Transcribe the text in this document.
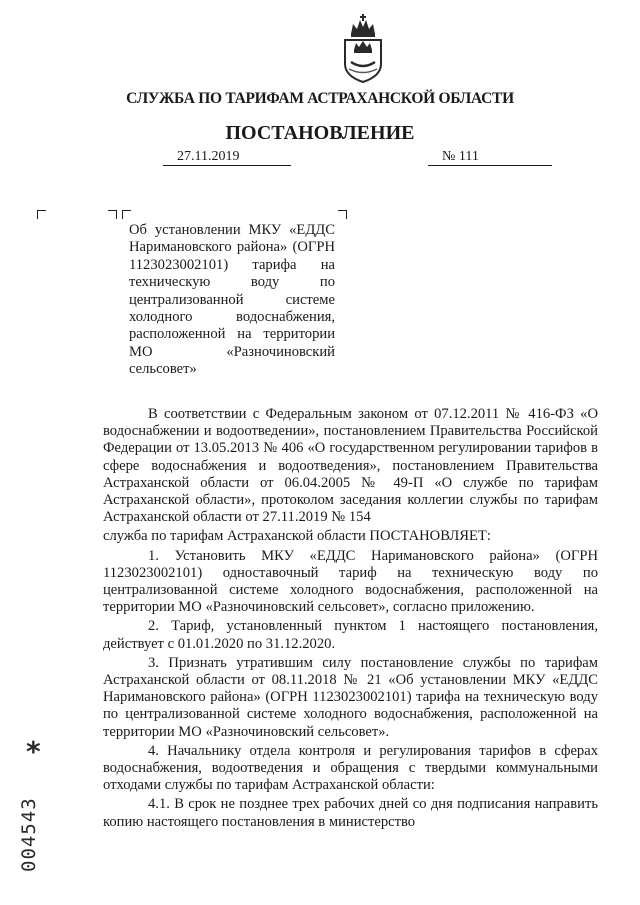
СЛУЖБА ПО ТАРИФАМ АСТРАХАНСКОЙ ОБЛАСТИ
ПОСТАНОВЛЕНИЕ
27.11.2019	№ 111
Об установлении МКУ «ЕДДС Наримановского района» (ОГРН 1123023002101) тарифа на техническую воду по централизованной системе холодного водоснабжения, расположенной на территории МО «Разночиновский сельсовет»

В соответствии с Федеральным законом от 07.12.2011 № 416-ФЗ «О водоснабжении и водоотведении», постановлением Правительства Российской Федерации от 13.05.2013 № 406 «О государственном регулировании тарифов в сфере водоснабжения и водоотведения», постановлением Правительства Астраханской области от 06.04.2005 № 49-П «О службе по тарифам Астраханской области», протоколом заседания коллегии службы по тарифам Астраханской области от 27.11.2019 № 154

служба по тарифам Астраханской области ПОСТАНОВЛЯЕТ:

1. Установить МКУ «ЕДДС Наримановского района» (ОГРН 1123023002101) одноставочный тариф на техническую воду по централизованной системе холодного водоснабжения, расположенной на территории МО «Разночиновский сельсовет», согласно приложению.

2. Тариф, установленный пунктом 1 настоящего постановления, действует с 01.01.2020 по 31.12.2020.

3. Признать утратившим силу постановление службы по тарифам Астраханской области от 08.11.2018 № 21 «Об установлении МКУ «ЕДДС Наримановского района» (ОГРН 1123023002101) тарифа на техническую воду по централизованной системе холодного водоснабжения, расположенной на территории МО «Разночиновский сельсовет».

4. Начальнику отдела контроля и регулирования тарифов в сферах водоснабжения, водоотведения и обращения с твердыми коммунальными отходами службы по тарифам Астраханской области:

4.1. В срок не позднее трех рабочих дней со дня подписания направить копию настоящего постановления в министерство

*
004543
